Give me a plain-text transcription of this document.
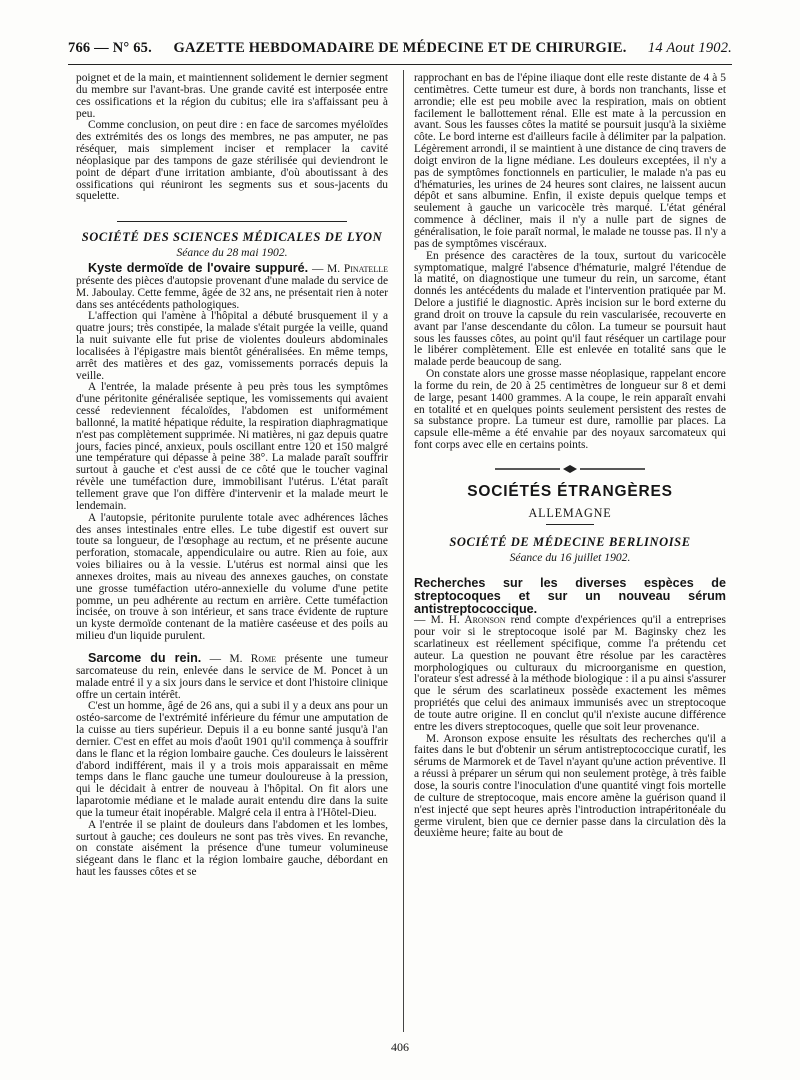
766 — N° 65.	GAZETTE HEBDOMADAIRE DE MÉDECINE ET DE CHIRURGIE.	14 Aout 1902.

poignet et de la main, et maintiennent solidement le dernier segment du membre sur l'avant-bras. Une grande cavité est interposée entre ces ossifications et la région du cubitus; elle ira s'affaissant peu à peu.

Comme conclusion, on peut dire : en face de sarcomes myéloïdes des extrémités des os longs des membres, ne pas amputer, ne pas réséquer, mais simplement inciser et remplacer la cavité néoplasique par des tampons de gaze stérilisée qui deviendront le point de départ d'une irritation ambiante, d'où aboutissant à des ossifications qui réuniront les segments sus et sous-jacents du squelette.

SOCIÉTÉ DES SCIENCES MÉDICALES DE LYON
Séance du 28 mai 1902.

Kyste dermoïde de l'ovaire suppuré. — M. Pinatelle présente des pièces d'autopsie provenant d'une malade du service de M. Jaboulay. Cette femme, âgée de 32 ans, ne présentait rien à noter dans ses antécédents pathologiques.

L'affection qui l'amène à l'hôpital a débuté brusquement il y a quatre jours; très constipée, la malade s'était purgée la veille, quand la nuit suivante elle fut prise de violentes douleurs abdominales localisées à l'épigastre mais bientôt généralisées. En même temps, arrêt des matières et des gaz, vomissements porracés depuis la veille.

A l'entrée, la malade présente à peu près tous les symptômes d'une péritonite généralisée septique, les vomissements qui avaient cessé redeviennent fécaloïdes, l'abdomen est uniformément ballonné, la matité hépatique réduite, la respiration diaphragmatique n'est pas complètement supprimée. Ni matières, ni gaz depuis quatre jours, facies pincé, anxieux, pouls oscillant entre 120 et 150 malgré une température qui dépasse à peine 38°. La malade paraît souffrir surtout à gauche et c'est aussi de ce côté que le toucher vaginal révèle une tuméfaction dure, immobilisant l'utérus. L'état paraît tellement grave que l'on diffère d'intervenir et la malade meurt le lendemain.

A l'autopsie, péritonite purulente totale avec adhérences lâches des anses intestinales entre elles. Le tube digestif est ouvert sur toute sa longueur, de l'œsophage au rectum, et ne présente aucune perforation, stomacale, appendiculaire ou autre. Rien au foie, aux voies biliaires ou à la vessie. L'utérus est normal ainsi que les annexes droites, mais au niveau des annexes gauches, on constate une grosse tuméfaction utéro-annexielle du volume d'une petite pomme, un peu adhérente au rectum en arrière. Cette tuméfaction incisée, on trouve à son intérieur, et sans trace évidente de rupture un kyste dermoïde contenant de la matière caséeuse et des poils au milieu d'un liquide purulent.

Sarcome du rein. — M. Rome présente une tumeur sarcomateuse du rein, enlevée dans le service de M. Poncet à un malade entré il y a six jours dans le service et dont l'histoire clinique offre un certain intérêt.

C'est un homme, âgé de 26 ans, qui a subi il y a deux ans pour un ostéo-sarcome de l'extrémité inférieure du fémur une amputation de la cuisse au tiers supérieur. Depuis il a eu bonne santé jusqu'à l'an dernier. C'est en effet au mois d'août 1901 qu'il commença à souffrir dans le flanc et la région lombaire gauche. Ces douleurs le laissèrent d'abord indifférent, mais il y a trois mois apparaissait en même temps dans le flanc gauche une tumeur douloureuse à la pression, qui le décidait à entrer de nouveau à l'hôpital. On fit alors une laparotomie médiane et le malade aurait entendu dire dans la suite que la tumeur était inopérable. Malgré cela il entra à l'Hôtel-Dieu.

A l'entrée il se plaint de douleurs dans l'abdomen et les lombes, surtout à gauche; ces douleurs ne sont pas très vives. En revanche, on constate aisément la présence d'une tumeur volumineuse siégeant dans le flanc et la région lombaire gauche, débordant en haut les fausses côtes et se

rapprochant en bas de l'épine iliaque dont elle reste distante de 4 à 5 centimètres. Cette tumeur est dure, à bords non tranchants, lisse et arrondie; elle est peu mobile avec la respiration, mais on obtient facilement le ballottement rénal. Elle est mate à la percussion en avant. Sous les fausses côtes la matité se poursuit jusqu'à la sixième côte. Le bord interne est d'ailleurs facile à délimiter par la palpation. Légèrement arrondi, il se maintient à une distance de cinq travers de doigt environ de la ligne médiane. Les douleurs exceptées, il n'y a pas de symptômes fonctionnels en particulier, le malade n'a pas eu d'hématuries, les urines de 24 heures sont claires, ne laissent aucun dépôt et sans albumine. Enfin, il existe depuis quelque temps et seulement à gauche un varicocèle très marqué. L'état général commence à décliner, mais il n'y a nulle part de signes de généralisation, le foie paraît normal, le malade ne tousse pas. Il n'y a pas de symptômes viscéraux.

En présence des caractères de la toux, surtout du varicocèle symptomatique, malgré l'absence d'hématurie, malgré l'étendue de la matité, on diagnostique une tumeur du rein, un sarcome, étant donnés les antécédents du malade et l'intervention pratiquée par M. Delore a justifié le diagnostic. Après incision sur le bord externe du grand droit on trouve la capsule du rein vascularisée, recouverte en avant par l'anse descendante du côlon. La tumeur se poursuit haut sous les fausses côtes, au point qu'il faut réséquer un cartilage pour le libérer complètement. Elle est enlevée en totalité sans que le malade perde beaucoup de sang.

On constate alors une grosse masse néoplasique, rappelant encore la forme du rein, de 20 à 25 centimètres de longueur sur 8 et demi de large, pesant 1400 grammes. A la coupe, le rein apparaît envahi en totalité et en quelques points seulement persistent des restes de sa substance propre. La tumeur est dure, ramollie par places. La capsule elle-même a été envahie par des noyaux sarcomateux qui font corps avec elle en certains points.

SOCIÉTÉS ÉTRANGÈRES
ALLEMAGNE
SOCIÉTÉ DE MÉDECINE BERLINOISE
Séance du 16 juillet 1902.
Recherches sur les diverses espèces de streptocoques et sur un nouveau sérum antistreptococcique.

— M. H. Aronson rend compte d'expériences qu'il a entreprises pour voir si le streptocoque isolé par M. Baginsky chez les scarlatineux est réellement spécifique, comme l'a prétendu cet auteur. La question ne pouvant être résolue par les caractères morphologiques ou culturaux du microorganisme en question, l'orateur s'est adressé à la méthode biologique : il a pu ainsi s'assurer que le sérum des scarlatineux possède exactement les mêmes propriétés que celui des animaux immunisés avec un streptocoque de toute autre origine. Il en conclut qu'il n'existe aucune différence entre les divers streptocoques, quelle que soit leur provenance.

M. Aronson expose ensuite les résultats des recherches qu'il a faites dans le but d'obtenir un sérum antistreptococcique curatif, les sérums de Marmorek et de Tavel n'ayant qu'une action préventive. Il a réussi à préparer un sérum qui non seulement protège, à très faible dose, la souris contre l'inoculation d'une quantité vingt fois mortelle de culture de streptocoque, mais encore amène la guérison quand il n'est injecté que sept heures après l'introduction intrapéritonéale du germe virulent, bien que ce dernier passe dans la circulation dès la deuxième heure; faite au bout de

406
